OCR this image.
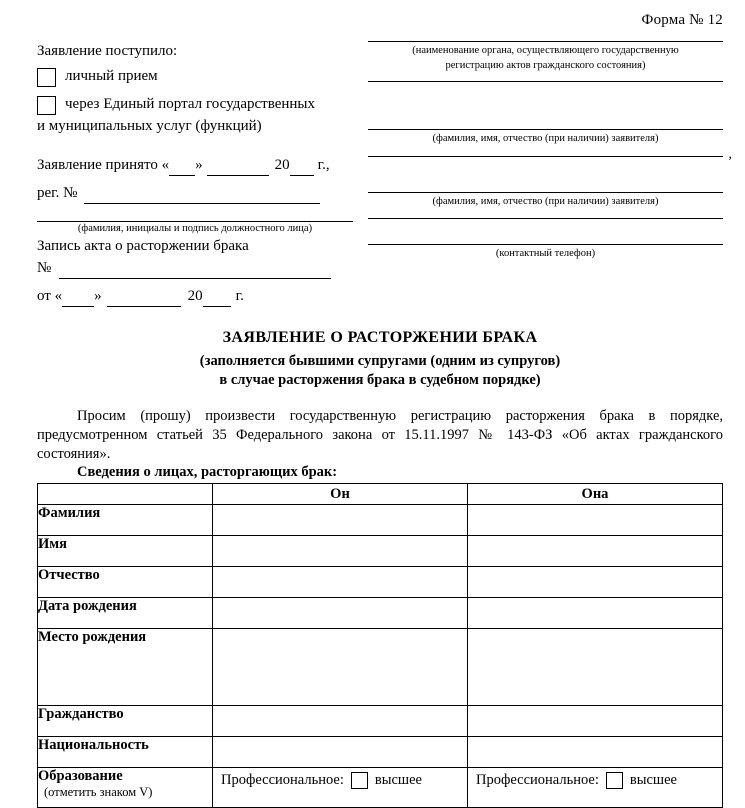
Форма № 12
Заявление поступило:
личный прием
через Единый портал государственных
и муниципальных услуг (функций)
Заявление принято « »	20 г.,
рег. №
(фамилия, инициалы и подпись должностного лица)
Запись акта о расторжении брака
№
от « »	20 г.
(наименование органа, осуществляющего государственную
регистрацию актов гражданского состояния)
(фамилия, имя, отчество (при наличии) заявителя)
,
(фамилия, имя, отчество (при наличии) заявителя)
(контактный телефон)
ЗАЯВЛЕНИЕ О РАСТОРЖЕНИИ БРАКА
(заполняется бывшими супругами (одним из супругов)
в случае расторжения брака в судебном порядке)
Просим (прошу) произвести государственную регистрацию расторжения брака в порядке, предусмотренном статьей 35 Федерального закона от 15.11.1997 № 143-ФЗ «Об актах гражданского состояния».
Сведения о лицах, расторгающих брак:
	Он	Она
Фамилия		
Имя		
Отчество		
Дата рождения		
Место рождения		
Гражданство		
Национальность		
Образование
(отметить знаком V)	Профессиональное: высшее	Профессиональное: высшее
